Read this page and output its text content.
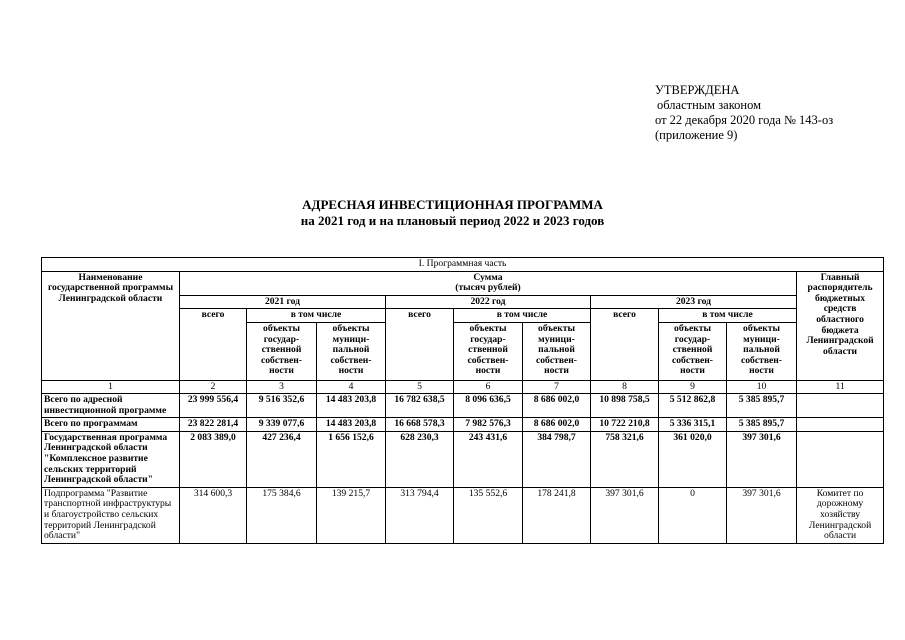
УТВЕРЖДЕНА
областным законом
от 22 декабря 2020 года № 143-оз
(приложение 9)
АДРЕСНАЯ ИНВЕСТИЦИОННАЯ ПРОГРАММА
на 2021 год и на плановый период 2022 и 2023 годов
I. Программная часть										
Наименование государственной программы Ленинградской области	Сумма
(тысяч рублей)									Главный распорядитель бюджетных средств областного бюджета Ленинградской области
	2021 год			2022 год			2023 год			
	всего	в том числе		всего	в том числе		всего	в том числе		
		объекты государ-ственной собствен-ности	объекты муници-пальной собствен-ности		объекты государ-ственной собствен-ности	объекты муници-пальной собствен-ности		объекты государ-ственной собствен-ности	объекты муници-пальной собствен-ности	
1	2	3	4	5	6	7	8	9	10	11
Всего по адресной инвестиционной программе	23 999 556,4	9 516 352,6	14 483 203,8	16 782 638,5	8 096 636,5	8 686 002,0	10 898 758,5	5 512 862,8	5 385 895,7	
Всего по программам	23 822 281,4	9 339 077,6	14 483 203,8	16 668 578,3	7 982 576,3	8 686 002,0	10 722 210,8	5 336 315,1	5 385 895,7	
Государственная программа Ленинградской области "Комплексное развитие сельских территорий Ленинградской области"	2 083 389,0	427 236,4	1 656 152,6	628 230,3	243 431,6	384 798,7	758 321,6	361 020,0	397 301,6	
Подпрограмма "Развитие транспортной инфраструктуры и благоустройство сельских территорий Ленинградской области"	314 600,3	175 384,6	139 215,7	313 794,4	135 552,6	178 241,8	397 301,6	0	397 301,6	Комитет по дорожному хозяйству Ленинградской области
